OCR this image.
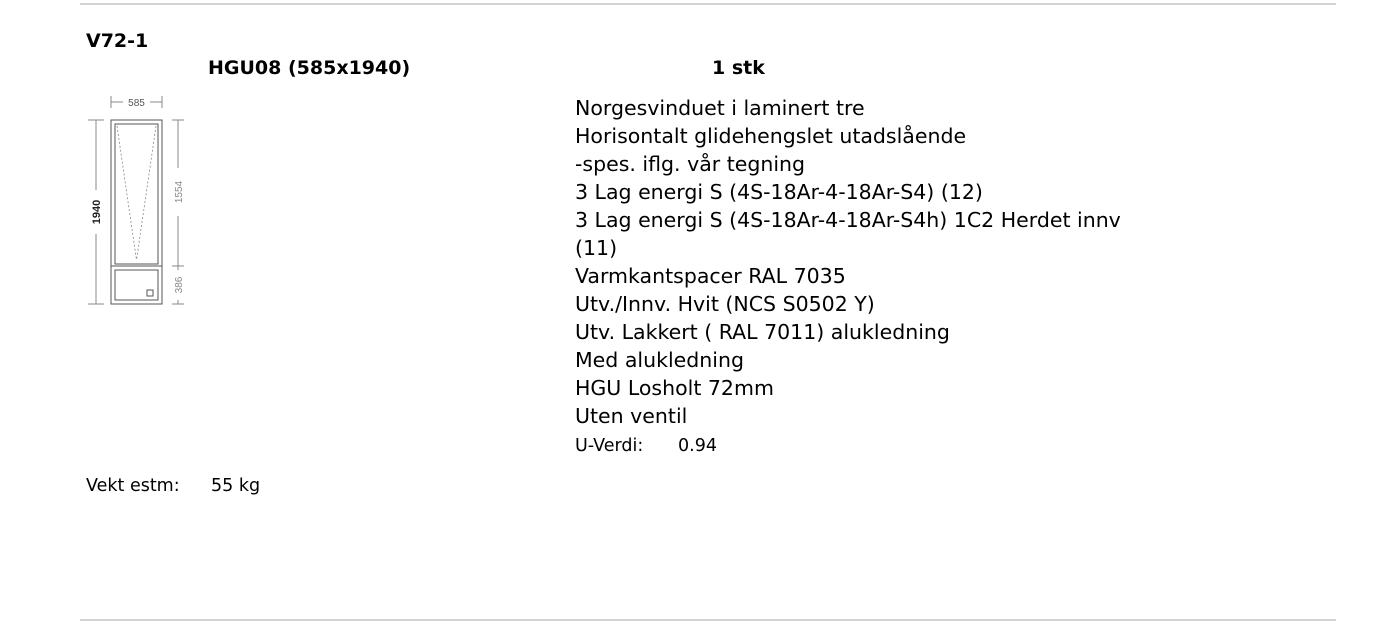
V72-1
HGU08 (585x1940)	1 stk
585
1940
1554
386
Norgesvinduet i laminert tre
Horisontalt glidehengslet utadslående
-spes. iflg. vår tegning
3 Lag energi S (4S-18Ar-4-18Ar-S4) (12)
3 Lag energi S (4S-18Ar-4-18Ar-S4h) 1C2 Herdet innv
(11)
Varmkantspacer RAL 7035
Utv./Innv. Hvit (NCS S0502 Y)
Utv. Lakkert ( RAL 7011) alukledning
Med alukledning
HGU Losholt 72mm
Uten ventil
U-Verdi: 0.94
Vekt estm: 55 kg
